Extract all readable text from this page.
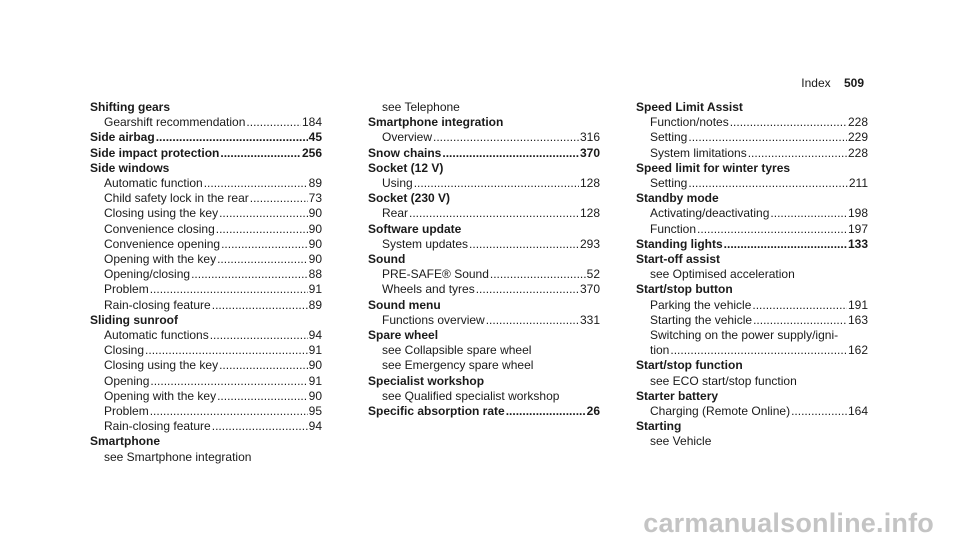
Index 509
Shifting gears
Gearshift recommendation .....	184
Side airbag .....	45
Side impact protection .....	256
Side windows
Automatic function .....	89
Child safety lock in the rear .....	73
Closing using the key .....	90
Convenience closing .....	90
Convenience opening .....	90
Opening with the key .....	90
Opening/closing .....	88
Problem .....	91
Rain-closing feature .....	89
Sliding sunroof
Automatic functions .....	94
Closing .....	91
Closing using the key .....	90
Opening .....	91
Opening with the key .....	90
Problem .....	95
Rain-closing feature .....	94
Smartphone
see Smartphone integration
see Telephone
Smartphone integration
Overview .....	316
Snow chains .....	370
Socket (12 V)
Using .....	128
Socket (230 V)
Rear .....	128
Software update
System updates .....	293
Sound
PRE-SAFE® Sound .....	52
Wheels and tyres .....	370
Sound menu
Functions overview .....	331
Spare wheel
see Collapsible spare wheel
see Emergency spare wheel
Specialist workshop
see Qualified specialist workshop
Specific absorption rate .....	26
Speed Limit Assist
Function/notes .....	228
Setting .....	229
System limitations .....	228
Speed limit for winter tyres
Setting .....	211
Standby mode
Activating/deactivating .....	198
Function .....	197
Standing lights .....	133
Start-off assist
see Optimised acceleration
Start/stop button
Parking the vehicle .....	191
Starting the vehicle .....	163
Switching on the power supply/igni-
tion .....	162
Start/stop function
see ECO start/stop function
Starter battery
Charging (Remote Online) .....	164
Starting
see Vehicle
carmanualsonline.info
